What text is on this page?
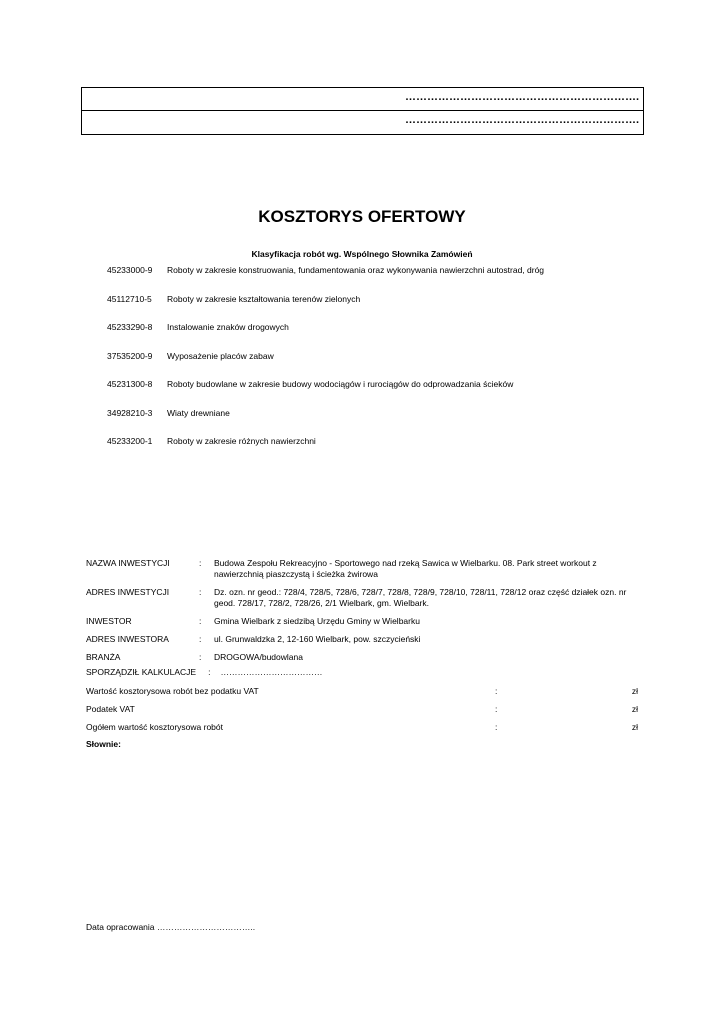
……………………………………………………….
……………………………………………………….
KOSZTORYS OFERTOWY
Klasyfikacja robót wg. Wspólnego Słownika Zamówień
45233000-9	Roboty w zakresie konstruowania, fundamentowania oraz wykonywania nawierzchni autostrad, dróg
45112710-5	Roboty w zakresie kształtowania terenów zielonych
45233290-8	Instalowanie znaków drogowych
37535200-9	Wyposażenie placów zabaw
45231300-8	Roboty budowlane w zakresie budowy wodociągów i rurociągów do odprowadzania ścieków
34928210-3	Wiaty drewniane
45233200-1	Roboty w zakresie różnych nawierzchni
NAZWA INWESTYCJI	:	Budowa Zespołu Rekreacyjno - Sportowego nad rzeką Sawica w Wielbarku. 08. Park street workout z nawierzchnią piaszczystą i ścieżka żwirowa
ADRES INWESTYCJI	:	Dz. ozn. nr geod.: 728/4, 728/5, 728/6, 728/7, 728/8, 728/9, 728/10, 728/11, 728/12 oraz część działek ozn. nr geod. 728/17, 728/2, 728/26, 2/1 Wielbark, gm. Wielbark.
INWESTOR	:	Gmina Wielbark z siedzibą Urzędu Gminy w Wielbarku
ADRES INWESTORA	:	ul. Grunwaldzka 2, 12-160 Wielbark, pow. szczycieński
BRANŻA	:	DROGOWA/budowlana
SPORZĄDZIŁ KALKULACJE : ………………………………
Wartość kosztorysowa robót bez podatku VAT	:	zł
Podatek VAT	:	zł
Ogółem wartość kosztorysowa robót	:	zł
Słownie:
Data opracowania ……………………………..
